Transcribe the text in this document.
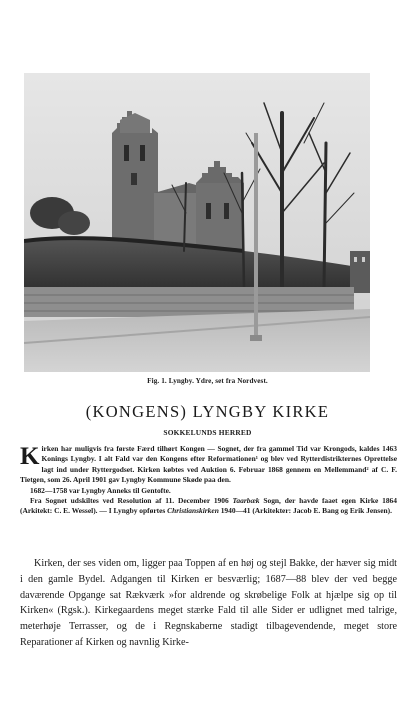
Fig. 1. Lyngby. Ydre, set fra Nordvest.
(KONGENS) LYNGBY KIRKE
SOKKELUNDS HERRED

Kirken har muligvis fra første Færd tilhørt Kongen — Sognet, der fra gammel Tid var Krongods, kaldes 1463 Konings Lyngby. I alt Fald var den Kongens efter Reformationen¹ og blev ved Rytterdistrikternes Oprettelse lagt ind under Ryttergodset. Kirken købtes ved Auktion 6. Februar 1868 gennem en Mellemmand² af C. F. Tietgen, som 26. April 1901 gav Lyngby Kommune Skøde paa den.

1682—1758 var Lyngby Anneks til Gentofte.

Fra Sognet udskiltes ved Resolution af 11. December 1906 Taarbæk Sogn, der havde faaet egen Kirke 1864 (Arkitekt: C. E. Wessel). — I Lyngby opførtes Christianskirken 1940—41 (Arkitekter: Jacob E. Bang og Erik Jensen).

Kirken, der ses viden om, ligger paa Toppen af en høj og stejl Bakke, der hæver sig midt i den gamle Bydel. Adgangen til Kirken er besværlig; 1687—88 blev der ved begge daværende Opgange sat Rækværk »for aldrende og skrøbelige Folk at hjælpe sig op til Kirken« (Rgsk.). Kirkegaardens meget stærke Fald til alle Sider er udlignet med talrige, meterhøje Terrasser, og de i Regnskaberne stadigt tilbagevendende, meget store Reparationer af Kirken og navnlig Kirke-
